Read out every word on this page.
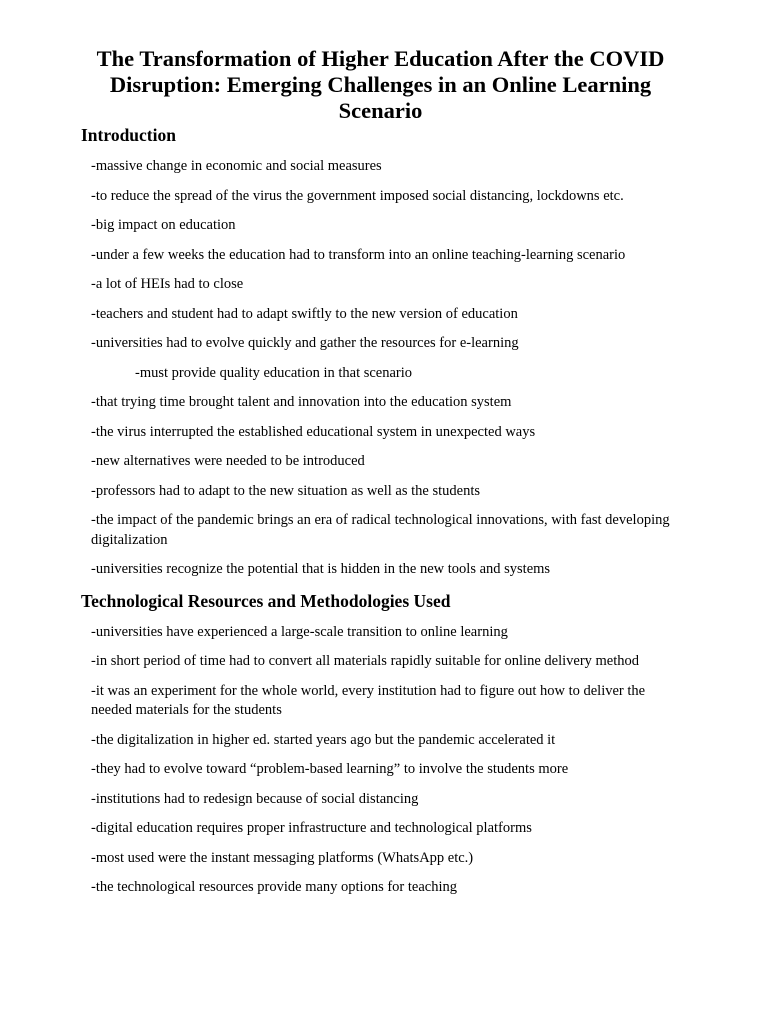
The Transformation of Higher Education After the COVID Disruption: Emerging Challenges in an Online Learning Scenario
Introduction
-massive change in economic and social measures
-to reduce the spread of the virus the government imposed social distancing, lockdowns etc.
-big impact on education
-under a few weeks the education had to transform into an online teaching-learning scenario
-a lot of HEIs had to close
-teachers and student had to adapt swiftly to the new version of education
-universities had to evolve quickly and gather the resources for e-learning
-must provide quality education in that scenario
-that trying time brought talent and innovation into the education system
-the virus interrupted the established educational system in unexpected ways
-new alternatives were needed to be introduced
-professors had to adapt to the new situation as well as the students
-the impact of the pandemic brings an era of radical technological innovations, with fast developing digitalization
-universities recognize the potential that is hidden in the new tools and systems
Technological Resources and Methodologies Used
-universities have experienced a large-scale transition to online learning
-in short period of time had to convert all materials rapidly suitable for online delivery method
-it was an experiment for the whole world, every institution had to figure out how to deliver the needed materials for the students
-the digitalization in higher ed. started years ago but the pandemic accelerated it
-they had to evolve toward “problem-based learning” to involve the students more
-institutions had to redesign because of social distancing
-digital education requires proper infrastructure and technological platforms
-most used were the instant messaging platforms (WhatsApp etc.)
-the technological resources provide many options for teaching
